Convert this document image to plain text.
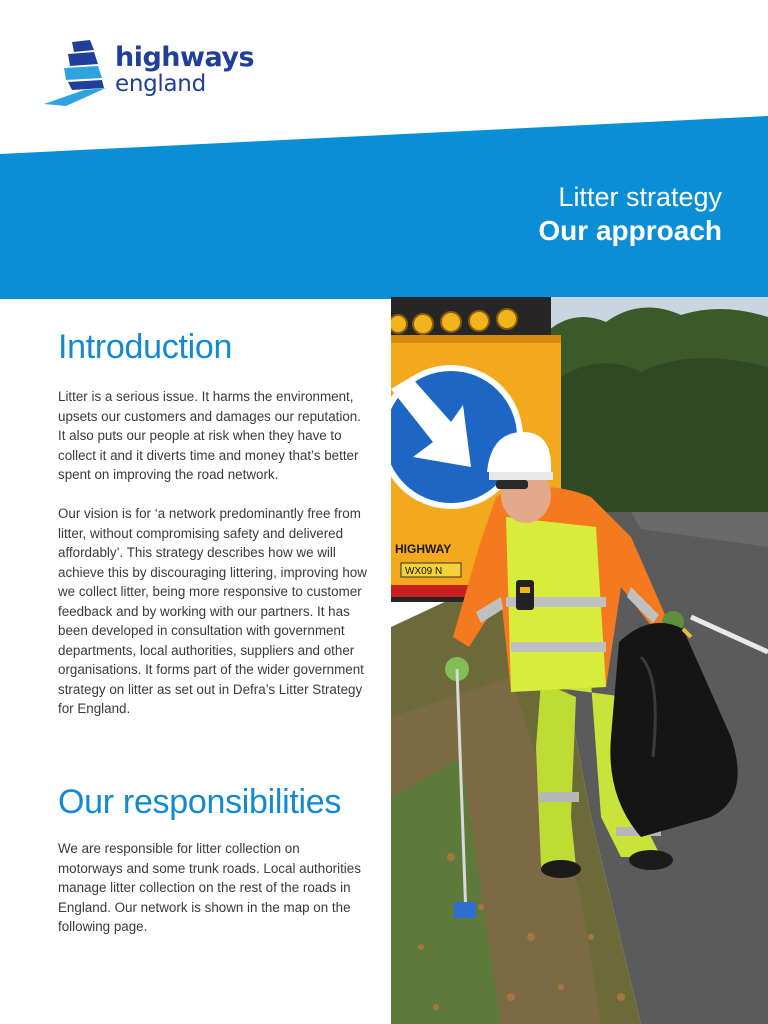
highways
england
Litter strategy
Our approach
Introduction

Litter is a serious issue. It harms the environment, upsets our customers and damages our reputation. It also puts our people at risk when they have to collect it and it diverts time and money that’s better spent on improving the road network.

Our vision is for ‘a network predominantly free from litter, without compromising safety and delivered affordably’. This strategy describes how we will achieve this by discouraging littering, improving how we collect litter, being more responsive to customer feedback and by working with our partners. It has been developed in consultation with government departments, local authorities, suppliers and other organisations. It forms part of the wider government strategy on litter as set out in Defra’s Litter Strategy for England.

Our responsibilities

We are responsible for litter collection on motorways and some trunk roads. Local authorities manage litter collection on the rest of the roads in England. Our network is shown in the map on the following page.

HIGHWAY
WX09 N
